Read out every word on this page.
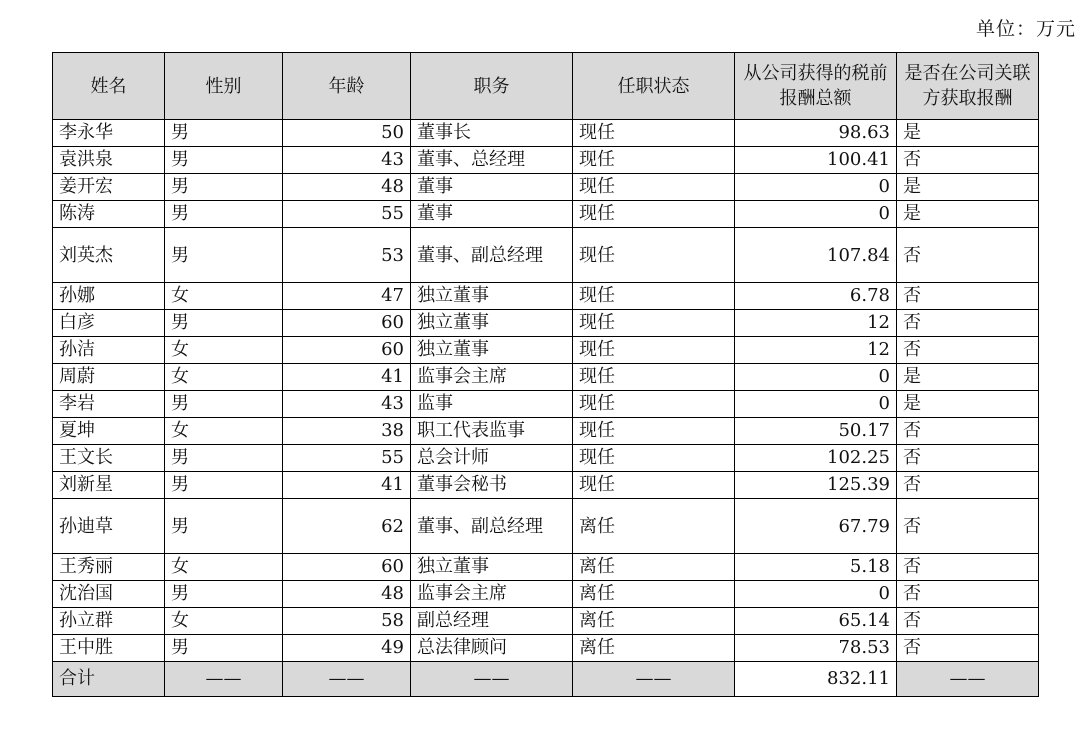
单位：万元
姓名	性别	年龄	职务	任职状态	从公司获得的税前报酬总额	是否在公司关联方获取报酬
李永华	男	50	董事长	现任	98.63	是
袁洪泉	男	43	董事、总经理	现任	100.41	否
姜开宏	男	48	董事	现任	0	是
陈涛	男	55	董事	现任	0	是
刘英杰	男	53	董事、副总经理	现任	107.84	否
孙娜	女	47	独立董事	现任	6.78	否
白彦	男	60	独立董事	现任	12	否
孙洁	女	60	独立董事	现任	12	否
周蔚	女	41	监事会主席	现任	0	是
李岩	男	43	监事	现任	0	是
夏坤	女	38	职工代表监事	现任	50.17	否
王文长	男	55	总会计师	现任	102.25	否
刘新星	男	41	董事会秘书	现任	125.39	否
孙迪草	男	62	董事、副总经理	离任	67.79	否
王秀丽	女	60	独立董事	离任	5.18	否
沈治国	男	48	监事会主席	离任	0	否
孙立群	女	58	副总经理	离任	65.14	否
王中胜	男	49	总法律顾问	离任	78.53	否
合计	——	——	——	——	832.11	——
